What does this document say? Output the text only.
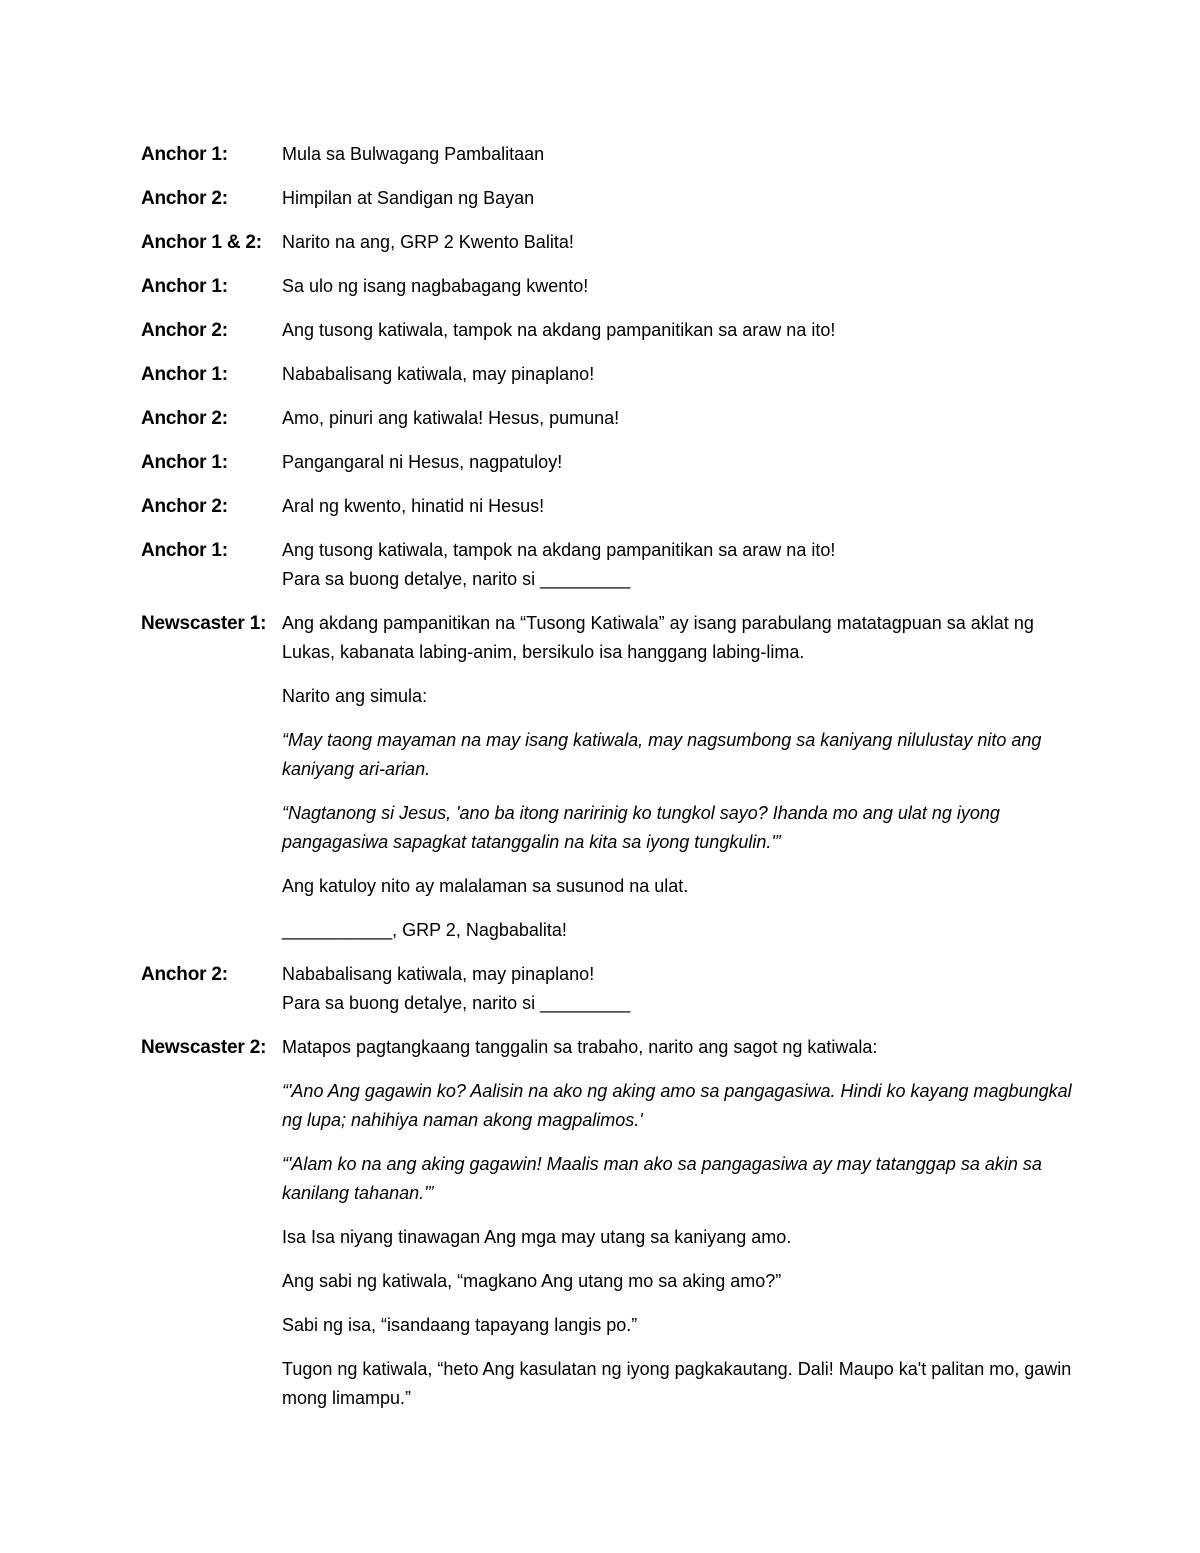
Anchor 1:	Mula sa Bulwagang Pambalitaan
Anchor 2:	Himpilan at Sandigan ng Bayan
Anchor 1 & 2:	Narito na ang, GRP 2 Kwento Balita!
Anchor 1:	Sa ulo ng isang nagbabagang kwento!
Anchor 2:	Ang tusong katiwala, tampok na akdang pampanitikan sa araw na ito!
Anchor 1:	Nababalisang katiwala, may pinaplano!
Anchor 2:	Amo, pinuri ang katiwala! Hesus, pumuna!
Anchor 1:	Pangangaral ni Hesus, nagpatuloy!
Anchor 2:	Aral ng kwento, hinatid ni Hesus!
Anchor 1:	Ang tusong katiwala, tampok na akdang pampanitikan sa araw na ito!
Para sa buong detalye, narito si _________
Newscaster 1: Ang akdang pampanitikan na “Tusong Katiwala” ay isang parabulang matatagpuan sa aklat ng Lukas, kabanata labing-anim, bersikulo isa hanggang labing-lima.
Narito ang simula:
“May taong mayaman na may isang katiwala, may nagsumbong sa kaniyang nilulustay nito ang kaniyang ari-arian.
“Nagtanong si Jesus, 'ano ba itong naririnig ko tungkol sayo? Ihanda mo ang ulat ng iyong pangagasiwa sapagkat tatanggalin na kita sa iyong tungkulin.'”
Ang katuloy nito ay malalaman sa susunod na ulat.
___________, GRP 2, Nagbabalita!
Anchor 2:	Nababalisang katiwala, may pinaplano!
Para sa buong detalye, narito si _________
Newscaster 2: Matapos pagtangkaang tanggalin sa trabaho, narito ang sagot ng katiwala:
“'Ano Ang gagawin ko? Aalisin na ako ng aking amo sa pangagasiwa. Hindi ko kayang magbungkal ng lupa; nahihiya naman akong magpalimos.'
“'Alam ko na ang aking gagawin! Maalis man ako sa pangagasiwa ay may tatanggap sa akin sa kanilang tahanan.'”
Isa Isa niyang tinawagan Ang mga may utang sa kaniyang amo.
Ang sabi ng katiwala, “magkano Ang utang mo sa aking amo?”
Sabi ng isa, “isandaang tapayang langis po.”
Tugon ng katiwala, “heto Ang kasulatan ng iyong pagkakautang. Dali! Maupo ka't palitan mo, gawin mong limampu.”
